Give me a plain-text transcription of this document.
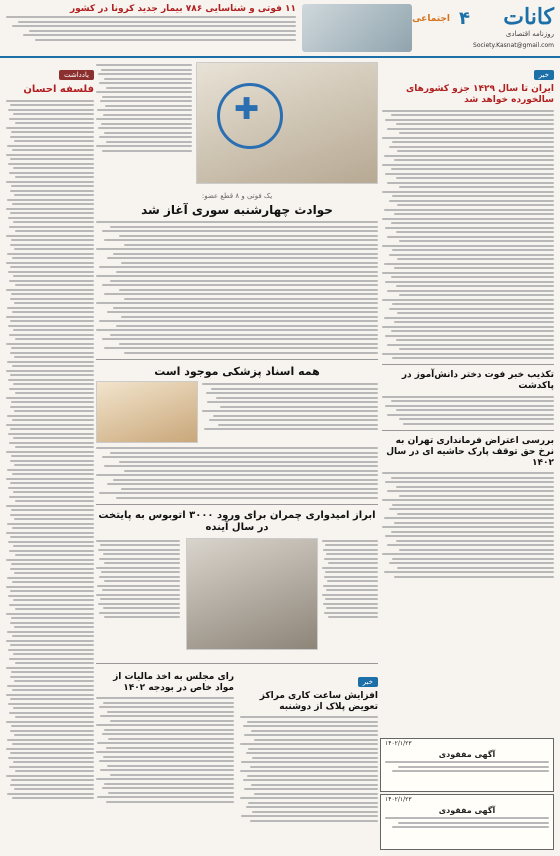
کانات
روزنامه اقتصادی
۴
اجتماعی
Society.Kasnat@gmail.com
۱۱ فوتی و شناسایی ۷۸۶ بیمار جدید کرونا در کشور
خبر
ایران تا سال ۱۴۲۹ جزو کشورهای سالخورده خواهد شد
تکذیب خبر فوت دختر دانش‌آموز در پاکدشت
بررسی اعتراض فرمانداری تهران به نرخ حق توقف پارک حاشیه ای در سال ۱۴۰۲
۱۴۰۲/۱/۲۳
آگهی مفقودی
۱۴۰۲/۱/۲۳
آگهی مفقودی
✚
یک فوتی و ۸ قطع عضو:
حوادث چهارشنبه سوری آغاز شد
همه اسناد پزشکی موجود است
ابراز امیدواری چمران برای ورود ۳۰۰۰ اتوبوس به پایتخت در سال آینده
خبر
افزایش ساعت کاری مراکز تعویض پلاک از دوشنبه
رای مجلس به اخذ مالیات از مواد خاص در بودجه ۱۴۰۲
یادداشت
فلسفه احسان
